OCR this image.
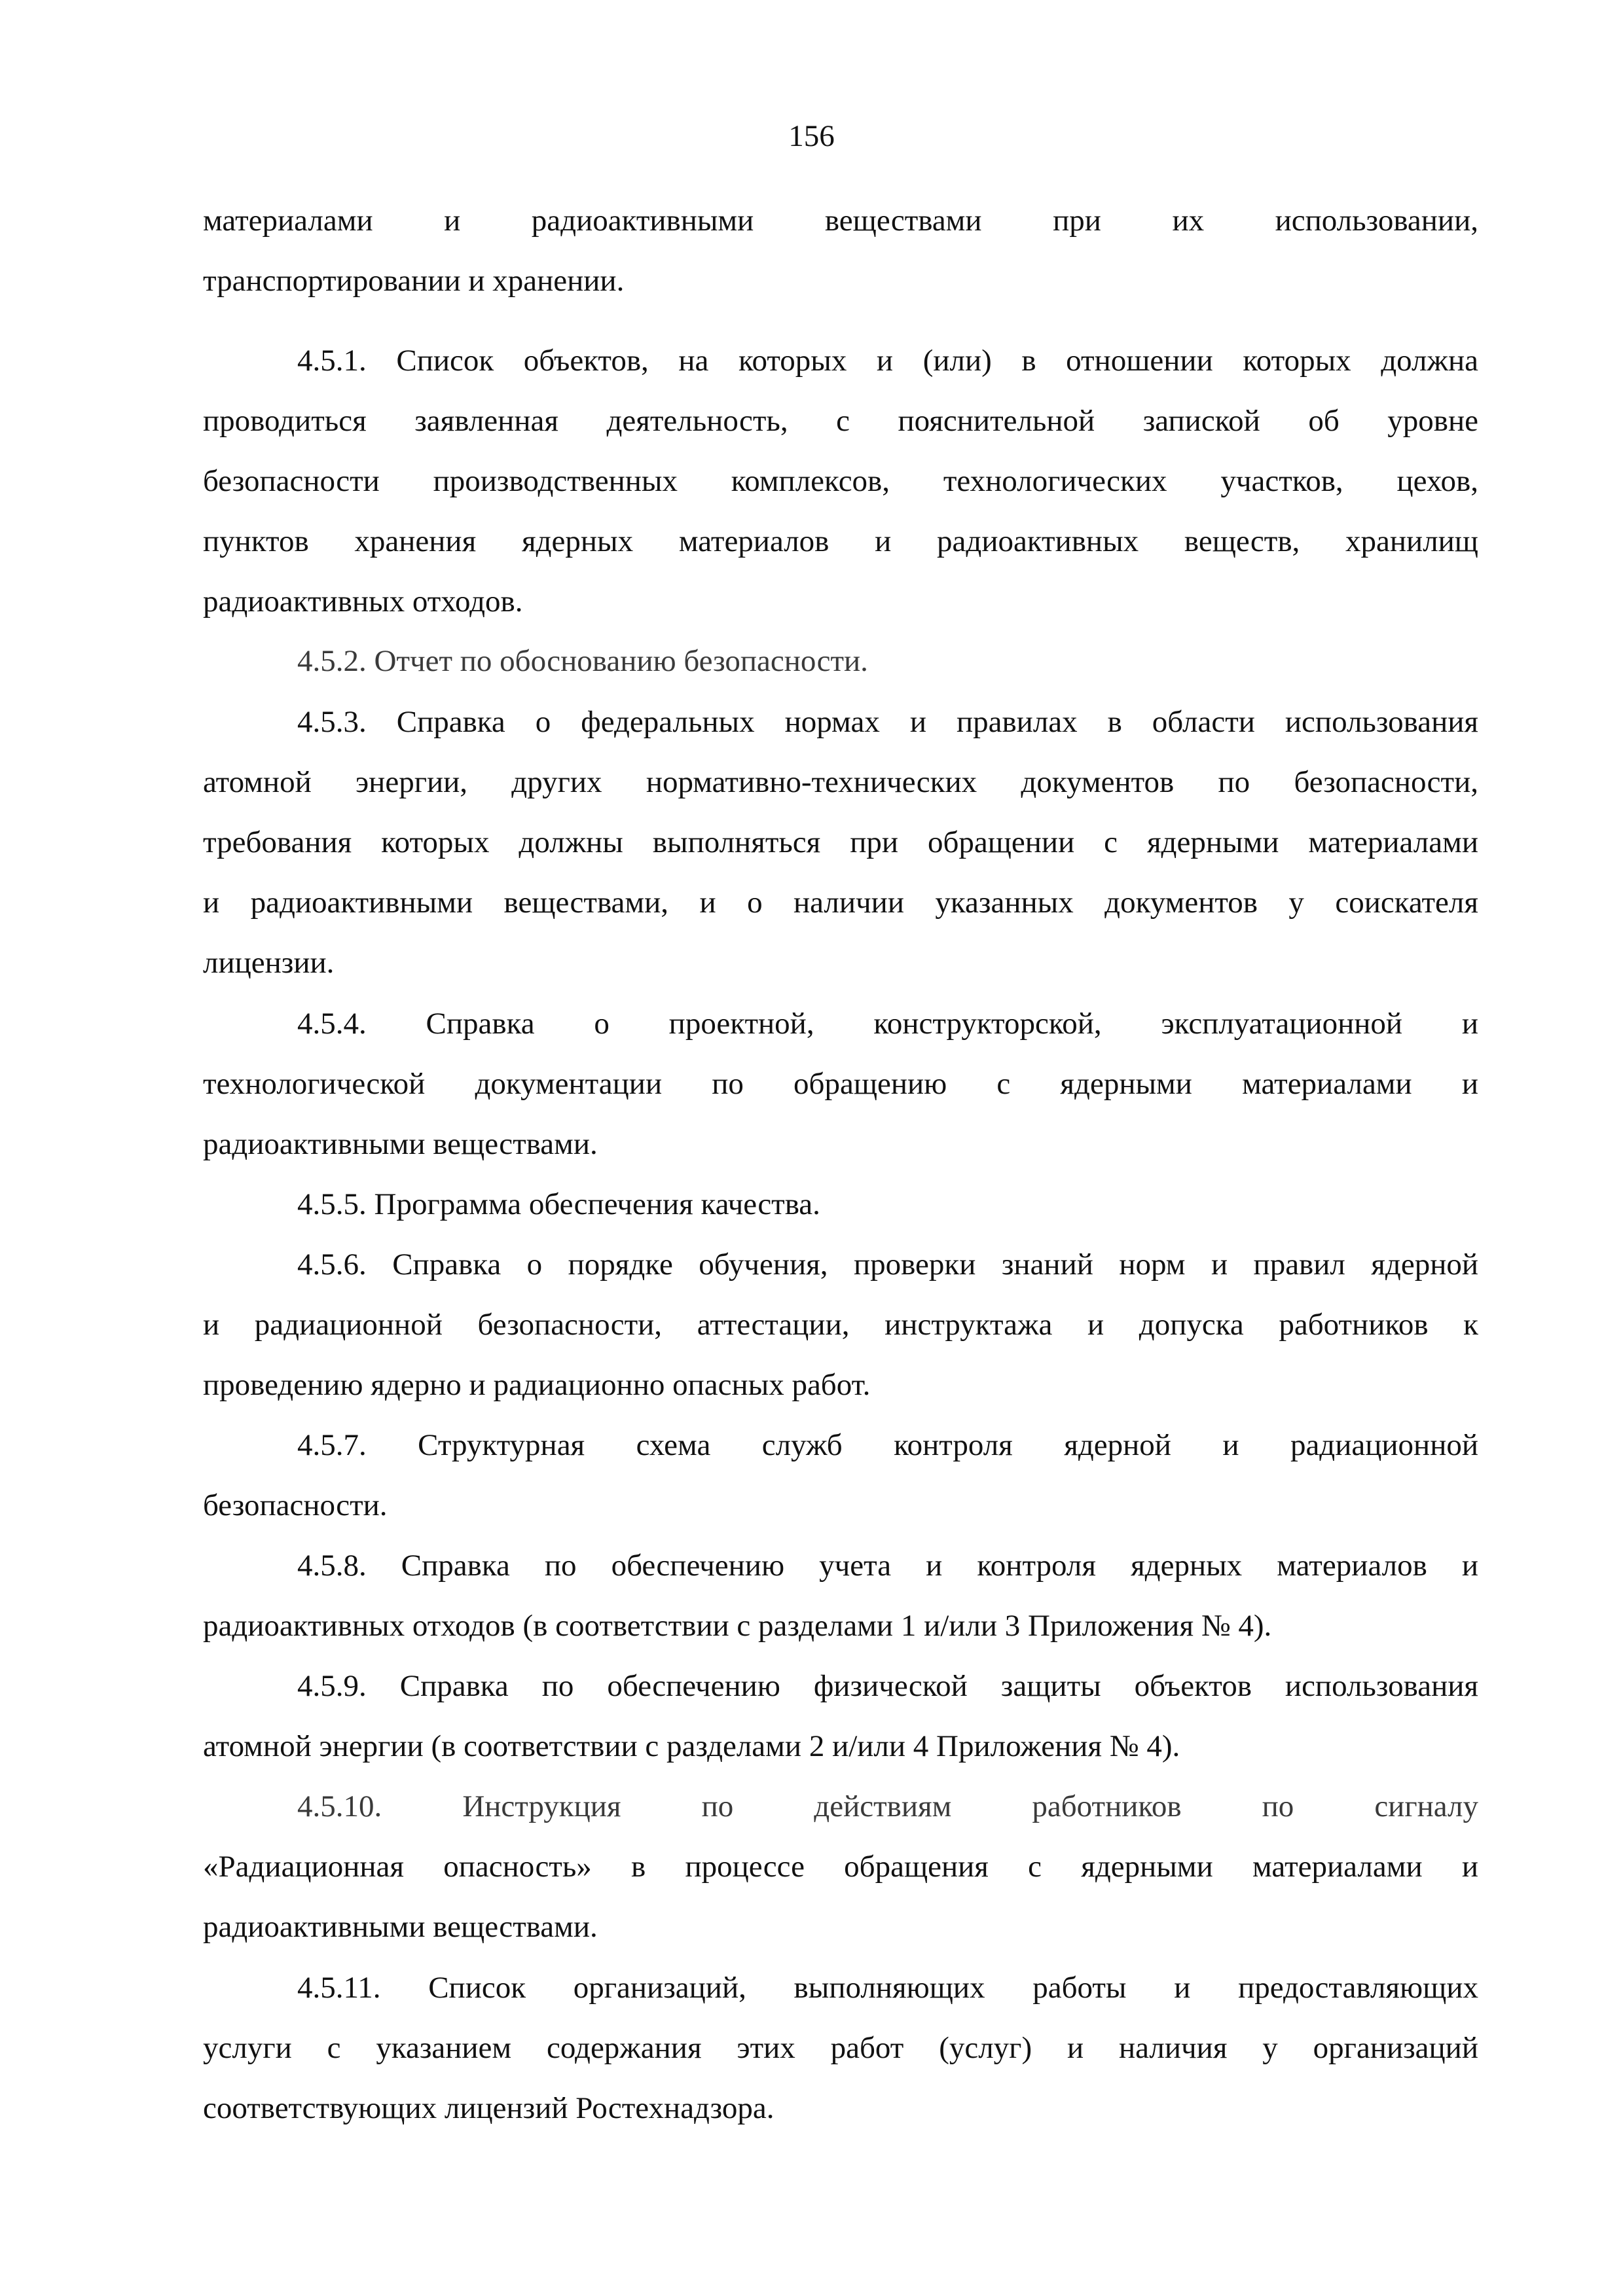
156

материалами и радиоактивными веществами при их использовании,
транспортировании и хранении.
4.5.1. Список объектов, на которых и (или) в отношении которых должна
проводиться заявленная деятельность, с пояснительной запиской об уровне
безопасности производственных комплексов, технологических участков, цехов,
пунктов хранения ядерных материалов и радиоактивных веществ, хранилищ
радиоактивных отходов.
4.5.2. Отчет по обоснованию безопасности.
4.5.3. Справка о федеральных нормах и правилах в области использования
атомной энергии, других нормативно-технических документов по безопасности,
требования которых должны выполняться при обращении с ядерными материалами
и радиоактивными веществами, и о наличии указанных документов у соискателя
лицензии.
4.5.4. Справка о проектной, конструкторской, эксплуатационной и
технологической документации по обращению с ядерными материалами и
радиоактивными веществами.
4.5.5. Программа обеспечения качества.
4.5.6. Справка о порядке обучения, проверки знаний норм и правил ядерной
и радиационной безопасности, аттестации, инструктажа и допуска работников к
проведению ядерно и радиационно опасных работ.
4.5.7. Структурная схема служб контроля ядерной и радиационной
безопасности.
4.5.8. Справка по обеспечению учета и контроля ядерных материалов и
радиоактивных отходов (в соответствии с разделами 1 и/или 3 Приложения № 4).
4.5.9. Справка по обеспечению физической защиты объектов использования
атомной энергии (в соответствии с разделами 2 и/или 4 Приложения № 4).
4.5.10. Инструкция по действиям работников по сигналу
«Радиационная опасность» в процессе обращения с ядерными материалами и
радиоактивными веществами.
4.5.11. Список организаций, выполняющих работы и предоставляющих
услуги с указанием содержания этих работ (услуг) и наличия у организаций
соответствующих лицензий Ростехнадзора.
